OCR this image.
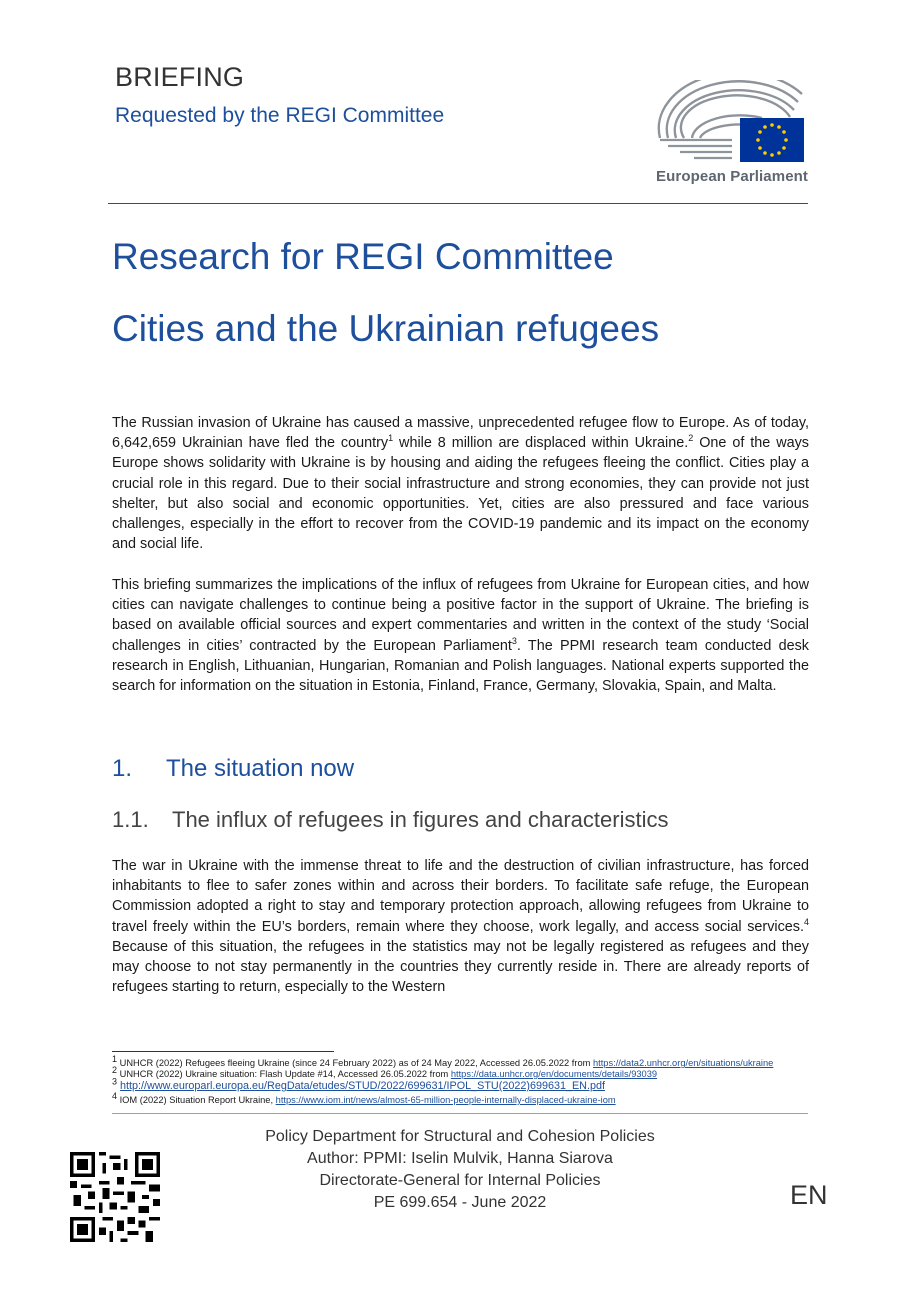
BRIEFING
Requested by the REGI Committee
European Parliament
Research for REGI Committee
Cities and the Ukrainian refugees

The Russian invasion of Ukraine has caused a massive, unprecedented refugee flow to Europe. As of today, 6,642,659 Ukrainian have fled the country$^1$ while 8 million are displaced within Ukraine.$^2$ One of the ways Europe shows solidarity with Ukraine is by housing and aiding the refugees fleeing the conflict. Cities play a crucial role in this regard. Due to their social infrastructure and strong economies, they can provide not just shelter, but also social and economic opportunities. Yet, cities are also pressured and face various challenges, especially in the effort to recover from the COVID-19 pandemic and its impact on the economy and social life.

This briefing summarizes the implications of the influx of refugees from Ukraine for European cities, and how cities can navigate challenges to continue being a positive factor in the support of Ukraine. The briefing is based on available official sources and expert commentaries and written in the context of the study ‘Social challenges in cities’ contracted by the European Parliament$^3$. The PPMI research team conducted desk research in English, Lithuanian, Hungarian, Romanian and Polish languages. National experts supported the search for information on the situation in Estonia, Finland, France, Germany, Slovakia, Spain, and Malta.

1. The situation now
1.1. The influx of refugees in figures and characteristics

The war in Ukraine with the immense threat to life and the destruction of civilian infrastructure, has forced inhabitants to flee to safer zones within and across their borders. To facilitate safe refuge, the European Commission adopted a right to stay and temporary protection approach, allowing refugees from Ukraine to travel freely within the EU’s borders, remain where they choose, work legally, and access social services.$^4$ Because of this situation, the refugees in the statistics may not be legally registered as refugees and they may choose to not stay permanently in the countries they currently reside in. There are already reports of refugees starting to return, especially to the Western

$^1$ UNHCR (2022) Refugees fleeing Ukraine (since 24 February 2022) as of 24 May 2022, Accessed 26.05.2022 from https://data2.unhcr.org/en/situations/ukraine
$^2$ UNHCR (2022) Ukraine situation: Flash Update #14, Accessed 26.05.2022 from https://data.unhcr.org/en/documents/details/93039
$^3$ http://www.europarl.europa.eu/RegData/etudes/STUD/2022/699631/IPOL_STU(2022)699631_EN.pdf
$^4$ IOM (2022) Situation Report Ukraine, https://www.iom.int/news/almost-65-million-people-internally-displaced-ukraine-iom
Policy Department for Structural and Cohesion Policies
Author: PPMI: Iselin Mulvik, Hanna Siarova
Directorate-General for Internal Policies
PE 699.654 - June 2022	EN
